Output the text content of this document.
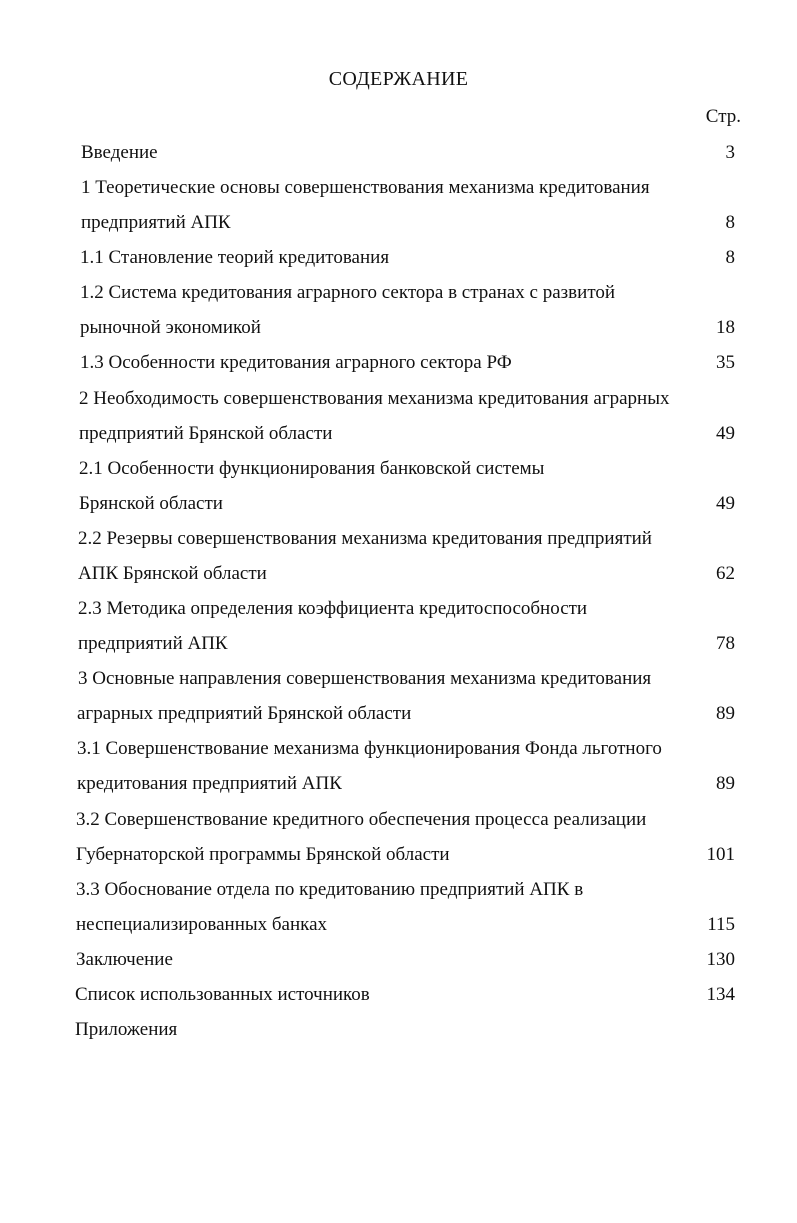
СОДЕРЖАНИЕ
Стр.
Введение	3
1 Теоретические основы совершенствования механизма кредитования
предприятий АПК	8
1.1 Становление теорий кредитования	8
1.2 Система кредитования аграрного сектора в странах с развитой
рыночной экономикой	18
1.3 Особенности кредитования аграрного сектора РФ	35
2 Необходимость совершенствования механизма кредитования аграрных
предприятий Брянской области	49
2.1 Особенности функционирования банковской системы
Брянской области	49
2.2 Резервы совершенствования механизма кредитования предприятий
АПК Брянской области	62
2.3 Методика определения коэффициента кредитоспособности
предприятий АПК	78
3 Основные направления совершенствования механизма кредитования
аграрных предприятий Брянской области	89
3.1 Совершенствование механизма функционирования Фонда льготного
кредитования предприятий АПК	89
3.2 Совершенствование кредитного обеспечения процесса реализации
Губернаторской программы Брянской области	101
3.3 Обоснование отдела по кредитованию предприятий АПК в
неспециализированных банках	115
Заключение	130
Список использованных источников	134
Приложения
